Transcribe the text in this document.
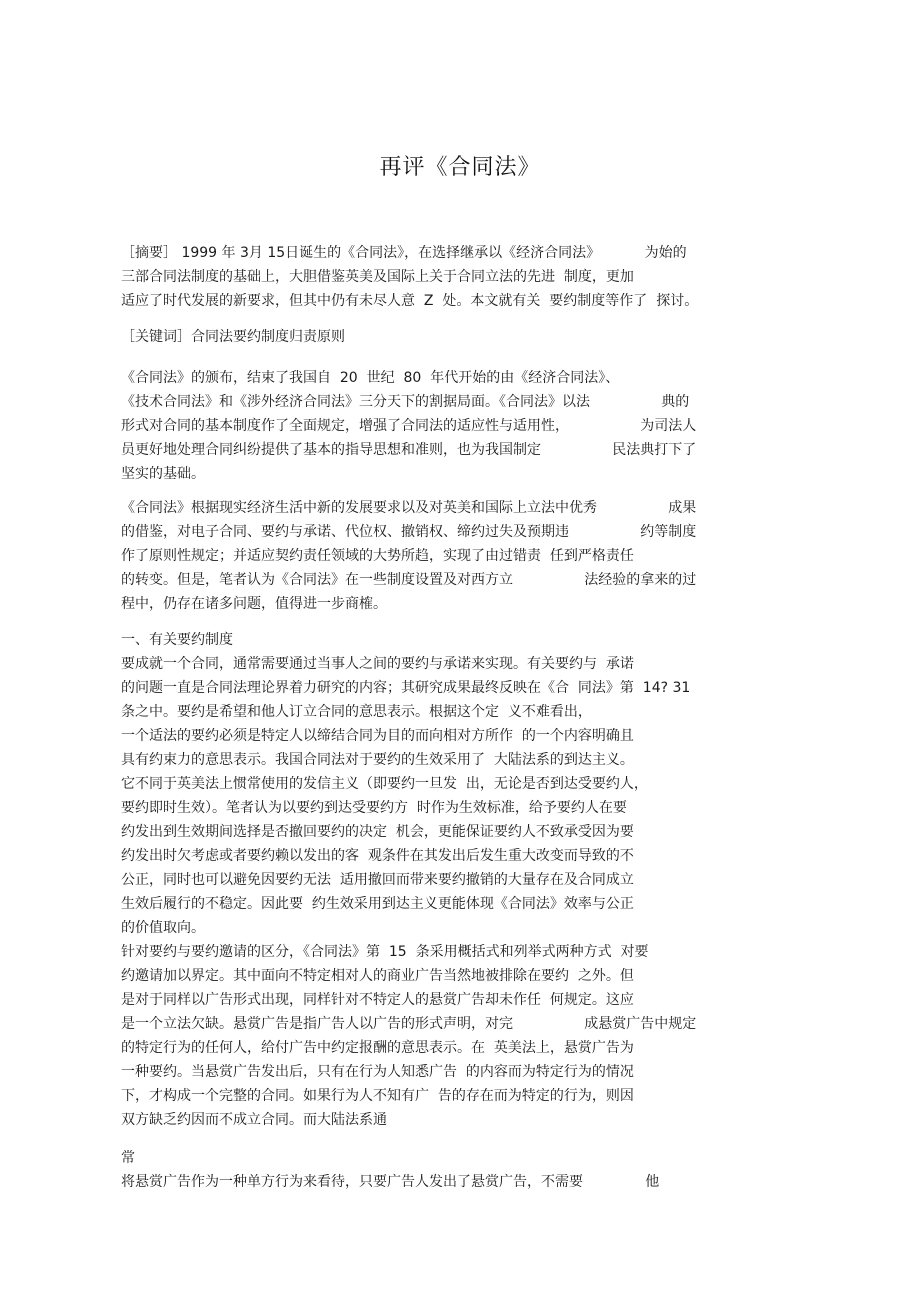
再评《合同法》
［摘要］ 1999 年 3月 15日诞生的《合同法》，在选择继承以《经济合同法》          为始的
三部合同法制度的基础上，大胆借鉴英美及国际上关于合同立法的先进  制度，更加
适应了时代发展的新要求，但其中仍有未尽人意  Z  处。本文就有关  要约制度等作了  探讨。
［关键词］合同法要约制度归责原则
《合同法》的颁布，结束了我国自  20  世纪  80  年代开始的由《经济合同法》、
《技术合同法》和《涉外经济合同法》三分天下的割据局面。《合同法》以法                典的
形式对合同的基本制度作了全面规定，增强了合同法的适应性与适用性，                为司法人
员更好地处理合同纠纷提供了基本的指导思想和准则，也为我国制定                民法典打下了
坚实的基础。
《合同法》根据现实经济生活中新的发展要求以及对英美和国际上立法中优秀                成果
的借鉴，对电子合同、要约与承诺、代位权、撤销权、缔约过失及预期违                约等制度
作了原则性规定；并适应契约责任领域的大势所趋，实现了由过错责  任到严格责任
的转变。但是，笔者认为《合同法》在一些制度设置及对西方立                法经验的拿来的过
程中，仍存在诸多问题，值得进一步商榷。
一、有关要约制度
要成就一个合同，通常需要通过当事人之间的要约与承诺来实现。有关要约与  承诺
的问题一直是合同法理论界着力研究的内容；其研究成果最终反映在《合  同法》第  14? 31
条之中。要约是希望和他人订立合同的意思表示。根据这个定  义不难看出，
一个适法的要约必须是特定人以缔结合同为目的而向相对方所作  的一个内容明确且
具有约束力的意思表示。我国合同法对于要约的生效采用了  大陆法系的到达主义。
它不同于英美法上惯常使用的发信主义（即要约一旦发  出，无论是否到达受要约人，
要约即时生效）。笔者认为以要约到达受要约方  时作为生效标准，给予要约人在要
约发出到生效期间选择是否撤回要约的决定  机会，更能保证要约人不致承受因为要
约发出时欠考虑或者要约赖以发出的客  观条件在其发出后发生重大改变而导致的不
公正，同时也可以避免因要约无法  适用撤回而带来要约撤销的大量存在及合同成立
生效后履行的不稳定。因此要  约生效采用到达主义更能体现《合同法》效率与公正
的价值取向。
针对要约与要约邀请的区分，《合同法》第  15  条采用概括式和列举式两种方式  对要
约邀请加以界定。其中面向不特定相对人的商业广告当然地被排除在要约  之外。但
是对于同样以广告形式出现，同样针对不特定人的悬赏广告却未作任  何规定。这应
是一个立法欠缺。悬赏广告是指广告人以广告的形式声明，对完                成悬赏广告中规定
的特定行为的任何人，给付广告中约定报酬的意思表示。在  英美法上，悬赏广告为
一种要约。当悬赏广告发出后，只有在行为人知悉广告  的内容而为特定行为的情况
下，才构成一个完整的合同。如果行为人不知有广  告的存在而为特定的行为，则因
双方缺乏约因而不成立合同。而大陆法系通
常
将悬赏广告作为一种单方行为来看待，只要广告人发出了悬赏广告，不需要              他
